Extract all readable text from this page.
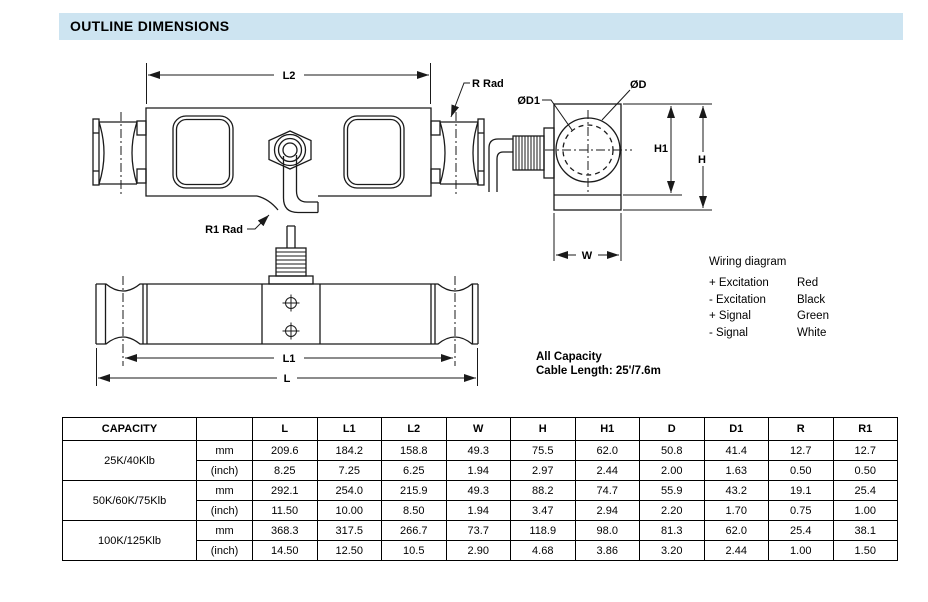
OUTLINE DIMENSIONS
L2
R Rad
R1 Rad
ØD1
ØD
H1
H
W
L1
L
Wiring diagram
+ Excitation	Red
- Excitation	Black
+ Signal	Green
- Signal	White
All Capacity
Cable Length: 25'/7.6m
CAPACITY		L	L1	L2	W	H	H1	D	D1	R	R1
25K/40Klb	mm	209.6	184.2	158.8	49.3	75.5	62.0	50.8	41.4	12.7	12.7
	(inch)	8.25	7.25	6.25	1.94	2.97	2.44	2.00	1.63	0.50	0.50
50K/60K/75Klb	mm	292.1	254.0	215.9	49.3	88.2	74.7	55.9	43.2	19.1	25.4
	(inch)	11.50	10.00	8.50	1.94	3.47	2.94	2.20	1.70	0.75	1.00
100K/125Klb	mm	368.3	317.5	266.7	73.7	118.9	98.0	81.3	62.0	25.4	38.1
	(inch)	14.50	12.50	10.5	2.90	4.68	3.86	3.20	2.44	1.00	1.50
